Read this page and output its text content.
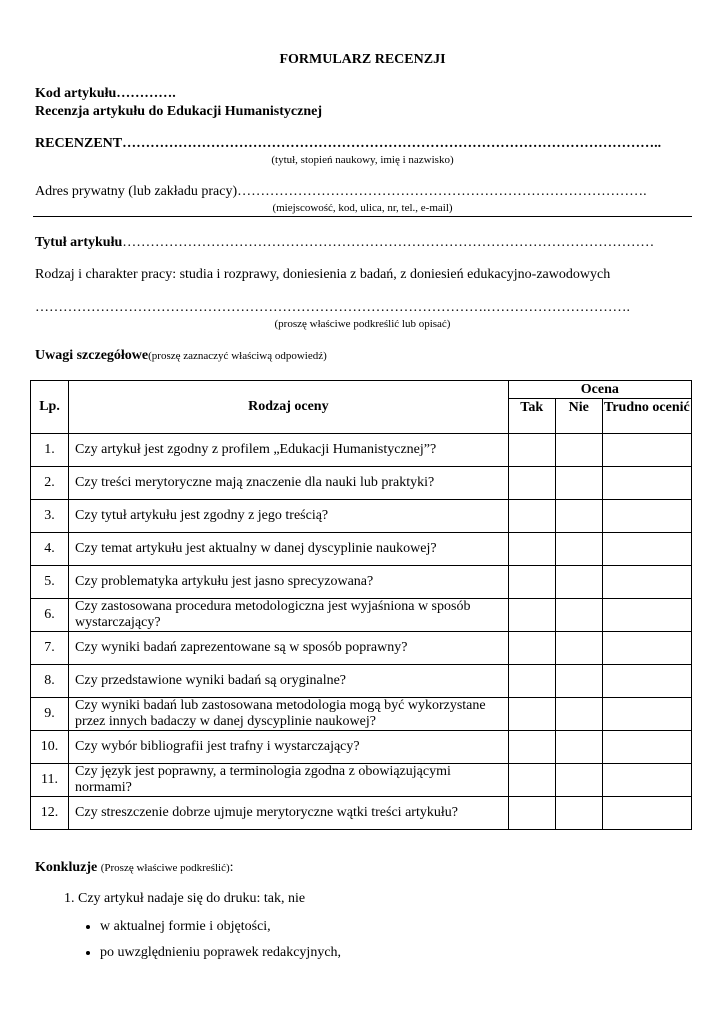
FORMULARZ RECENZJI
Kod artykułu………….
Recenzja artykułu do Edukacji Humanistycznej
RECENZENT……………………………………………………………………………………………………..
(tytuł, stopień naukowy, imię i nazwisko)
Adres prywatny (lub zakładu pracy)…………………………………………………………………………….
(miejscowość, kod, ulica, nr, tel., e-mail)
Tytuł artykułu……………………………………………………………………………………………………
Rodzaj i charakter pracy: studia i rozprawy, doniesienia z badań, z doniesień edukacyjno-zawodowych
…………………………………………………………………………………….………………………….
(proszę właściwe podkreślić lub opisać)
Uwagi szczegółowe(proszę zaznaczyć właściwą odpowiedź)
Lp.	Rodzaj oceny	Ocena		
		Tak	Nie	Trudno ocenić
1.	Czy artykuł jest zgodny z profilem „Edukacji Humanistycznej”?			
2.	Czy treści merytoryczne mają znaczenie dla nauki lub praktyki?			
3.	Czy tytuł artykułu jest zgodny z jego treścią?			
4.	Czy temat artykułu jest aktualny w danej dyscyplinie naukowej?			
5.	Czy problematyka artykułu jest jasno sprecyzowana?			
6.	Czy zastosowana procedura metodologiczna jest wyjaśniona w sposób wystarczający?			
7.	Czy wyniki badań zaprezentowane są w sposób poprawny?			
8.	Czy przedstawione wyniki badań są oryginalne?			
9.	Czy wyniki badań lub zastosowana metodologia mogą być wykorzystane przez innych badaczy w danej dyscyplinie naukowej?			
10.	Czy wybór bibliografii jest trafny i wystarczający?			
11.	Czy język jest poprawny, a terminologia zgodna z obowiązującymi normami?			
12.	Czy streszczenie dobrze ujmuje merytoryczne wątki treści artykułu?			
Konkluzje (Proszę właściwe podkreślić):
1. Czy artykuł nadaje się do druku: tak, nie
• w aktualnej formie i objętości,
• po uwzględnieniu poprawek redakcyjnych,
